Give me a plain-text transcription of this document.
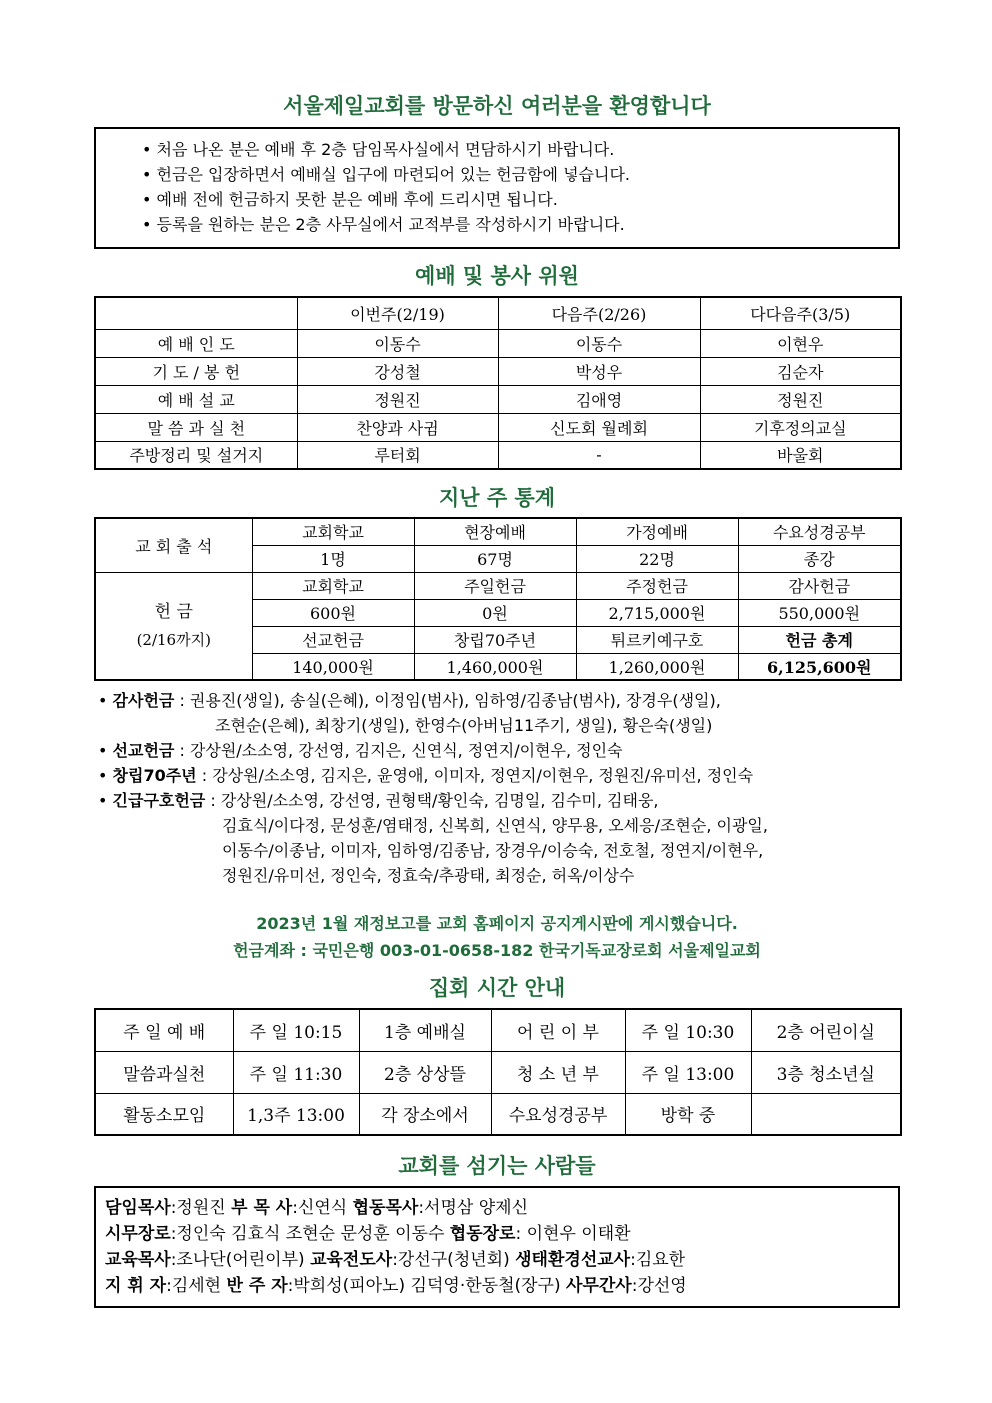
서울제일교회를 방문하신 여러분을 환영합니다
• 처음 나온 분은 예배 후 2층 담임목사실에서 면담하시기 바랍니다.
• 헌금은 입장하면서 예배실 입구에 마련되어 있는 헌금함에 넣습니다.
• 예배 전에 헌금하지 못한 분은 예배 후에 드리시면 됩니다.
• 등록을 원하는 분은 2층 사무실에서 교적부를 작성하시기 바랍니다.
예배 및 봉사 위원
	이번주(2/19)	다음주(2/26)	다다음주(3/5)
예 배 인 도	이동수	이동수	이현우
기 도 / 봉 헌	강성철	박성우	김순자
예 배 설 교	정원진	김애영	정원진
말 씀 과 실 천	찬양과 사귐	신도회 월례회	기후정의교실
주방정리 및 설거지	루터회	-	바울회
지난 주 통계
교 회 출 석	교회학교	현장예배	가정예배	수요성경공부
	1명	67명	22명	종강

헌 금
(2/16까지)	교회학교	주일헌금	주정헌금	감사헌금
	600원	0원	2,715,000원	550,000원
	선교헌금	창립70주년	튀르키예구호	헌금 총계
	140,000원	1,460,000원	1,260,000원	6,125,600원
• 감사헌금 : 권용진(생일), 송실(은혜), 이정임(범사), 임하영/김종남(범사), 장경우(생일),
조현순(은혜), 최창기(생일), 한영수(아버님11주기, 생일), 황은숙(생일)
• 선교헌금 : 강상원/소소영, 강선영, 김지은, 신연식, 정연지/이현우, 정인숙
• 창립70주년 : 강상원/소소영, 김지은, 윤영애, 이미자, 정연지/이현우, 정원진/유미선, 정인숙
• 긴급구호헌금 : 강상원/소소영, 강선영, 권형택/황인숙, 김명일, 김수미, 김태웅,
김효식/이다정, 문성훈/염태정, 신복희, 신연식, 양무용, 오세응/조현순, 이광일,
이동수/이종남, 이미자, 임하영/김종남, 장경우/이승숙, 전호철, 정연지/이현우,
정원진/유미선, 정인숙, 정효숙/추광태, 최정순, 허옥/이상수
2023년 1월 재정보고를 교회 홈페이지 공지게시판에 게시했습니다.
헌금계좌 : 국민은행 003-01-0658-182 한국기독교장로회 서울제일교회
집회 시간 안내
주 일 예 배	주 일 10:15	1층 예배실	어 린 이 부	주 일 10:30	2층 어린이실
말씀과실천	주 일 11:30	2층 상상뜰	청 소 년 부	주 일 13:00	3층 청소년실
활동소모임	1,3주 13:00	각 장소에서	수요성경공부	방학 중	
교회를 섬기는 사람들
담임목사:정원진 부 목 사:신연식 협동목사:서명삼 양제신
시무장로:정인숙 김효식 조현순 문성훈 이동수 협동장로: 이현우 이태환
교육목사:조나단(어린이부) 교육전도사:강선구(청년회) 생태환경선교사:김요한
지 휘 자:김세현 반 주 자:박희성(피아노) 김덕영·한동철(장구) 사무간사:강선영
